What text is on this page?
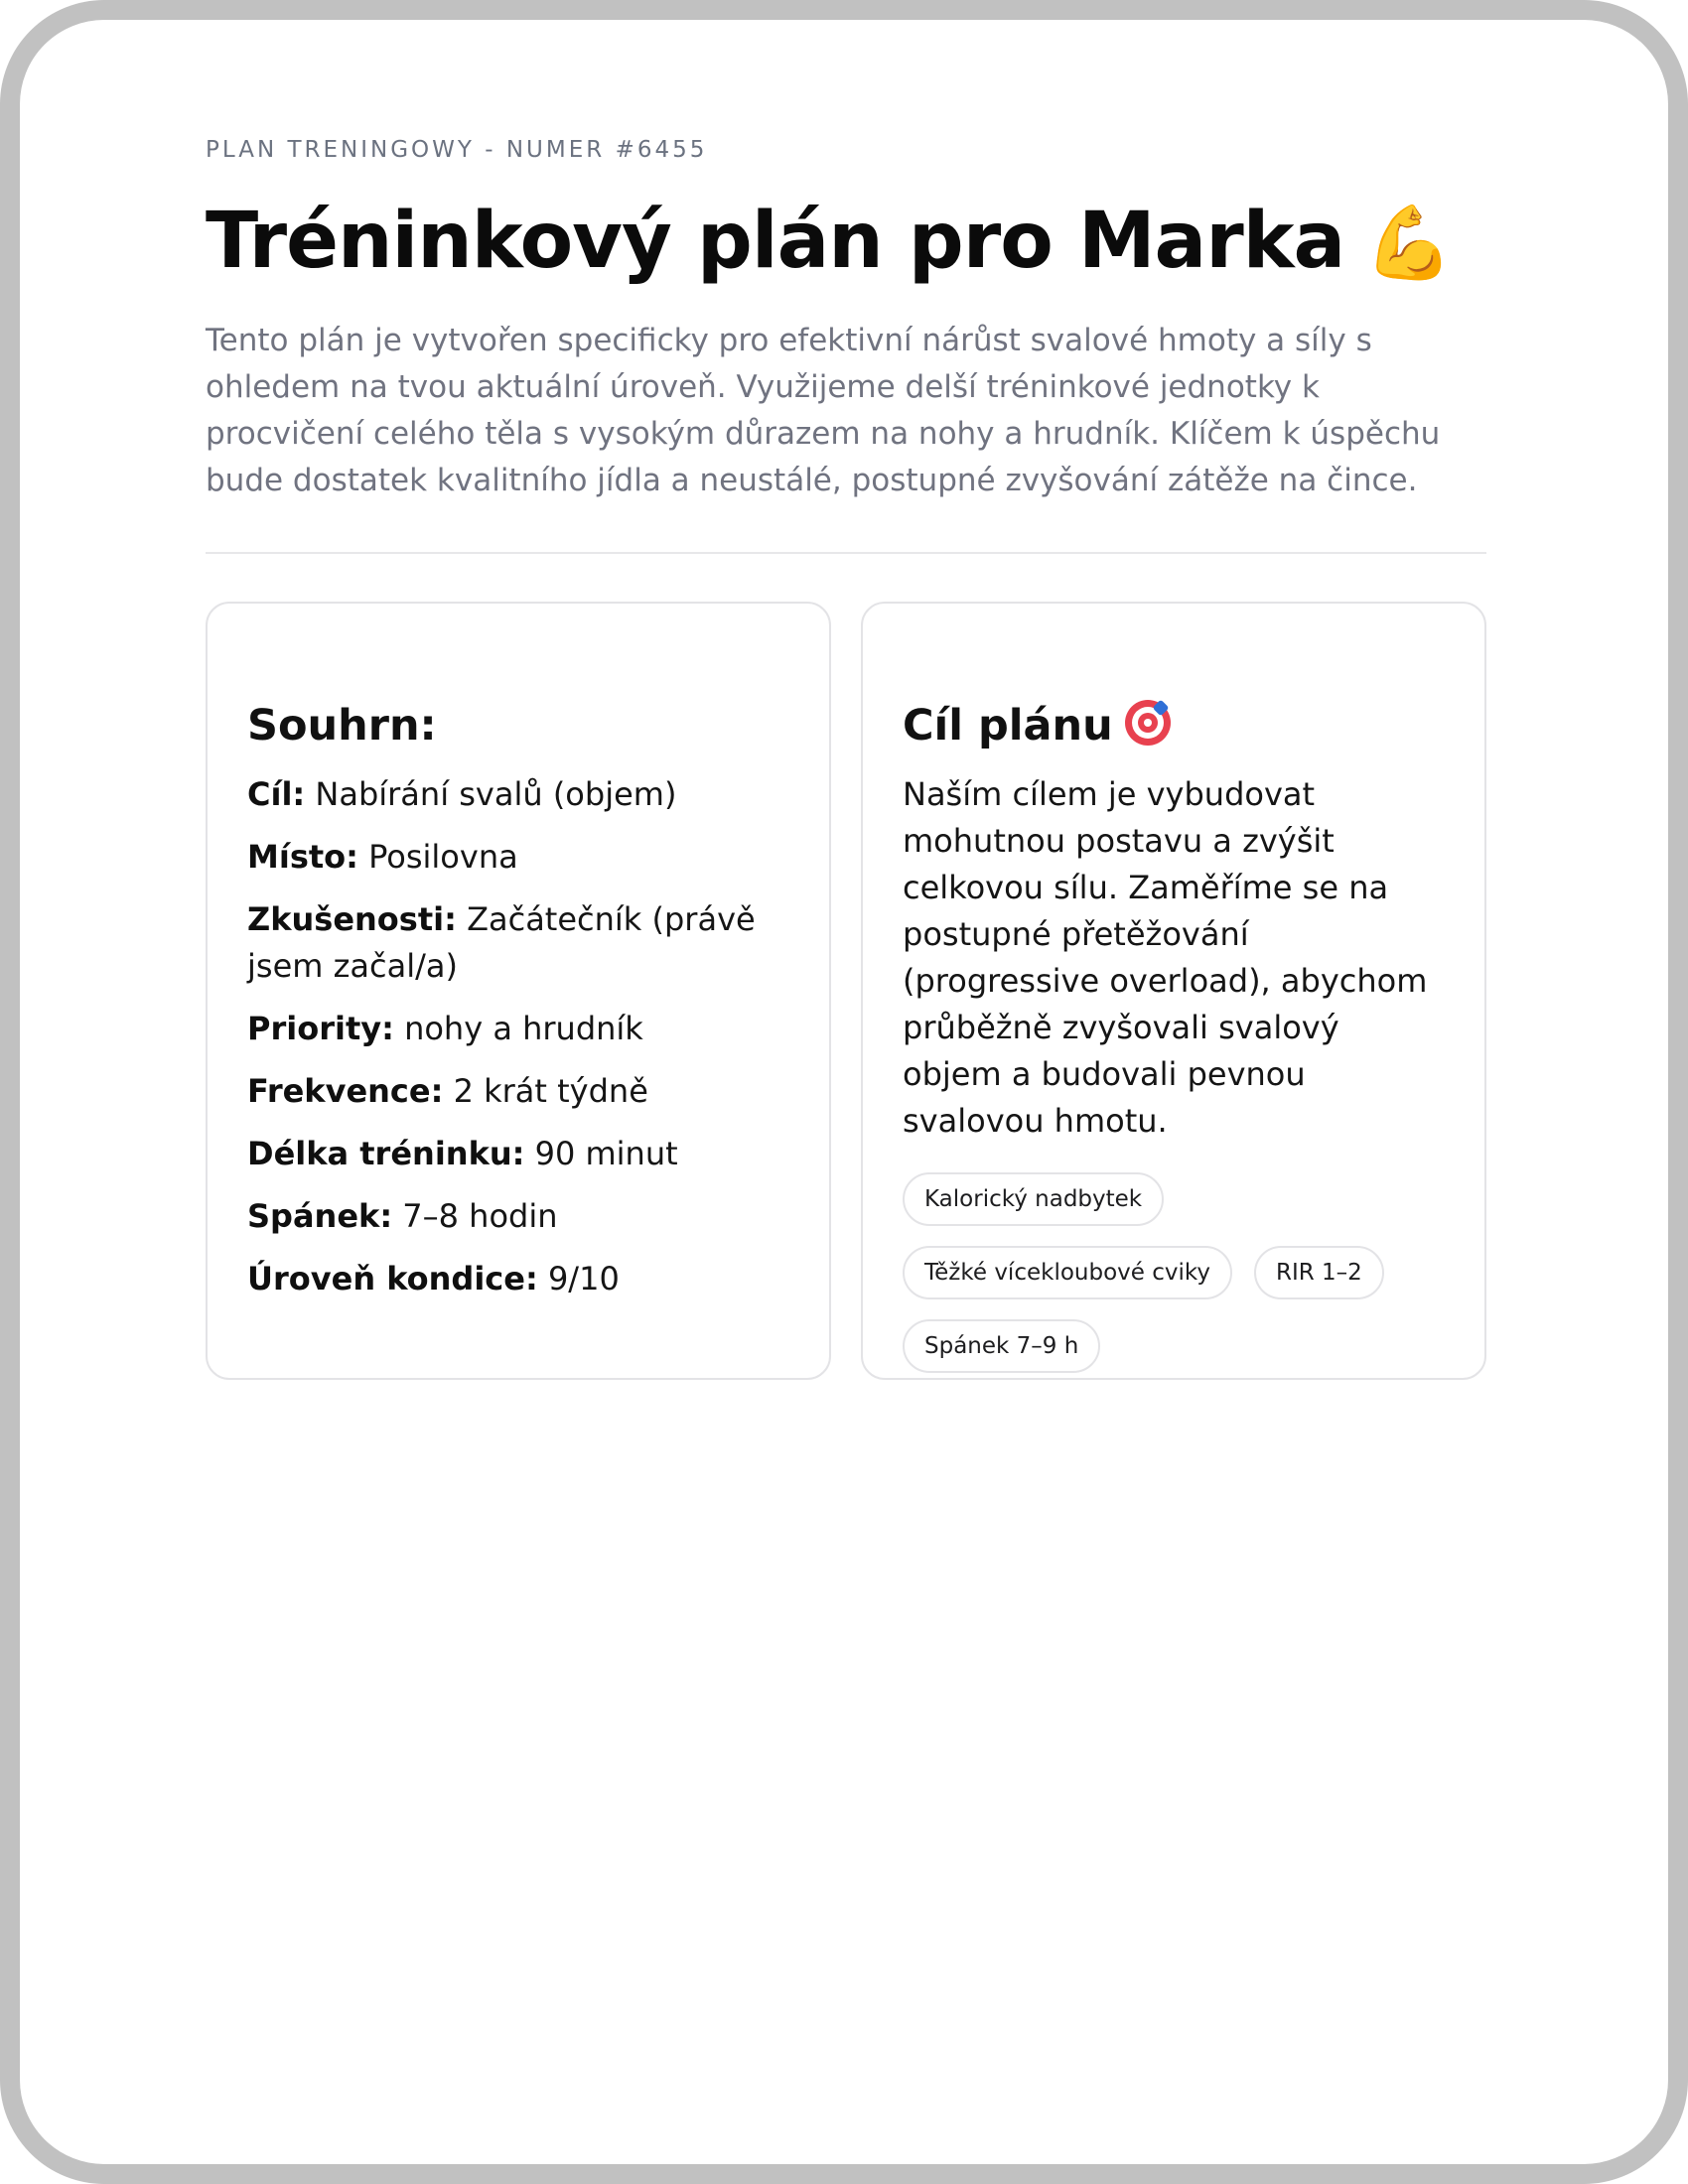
PLAN TRENINGOWY - NUMER #6455
Tréninkový plán pro Marka 💪

Tento plán je vytvořen specificky pro efektivní nárůst svalové hmoty a síly s ohledem na tvou aktuální úroveň. Využijeme delší tréninkové jednotky k procvičení celého těla s vysokým důrazem na nohy a hrudník. Klíčem k úspěchu bude dostatek kvalitního jídla a neustálé, postupné zvyšování zátěže na čince.

Souhrn:
Cíl: Nabírání svalů (objem)
Místo: Posilovna
Zkušenosti: Začátečník (právě jsem začal/a)
Priority: nohy a hrudník
Frekvence: 2 krát týdně
Délka tréninku: 90 minut
Spánek: 7–8 hodin
Úroveň kondice: 9/10
Cíl plánu

Naším cílem je vybudovat mohutnou postavu a zvýšit celkovou sílu. Zaměříme se na postupné přetěžování (progressive overload), abychom průběžně zvyšovali svalový objem a budovali pevnou svalovou hmotu.

Kalorický nadbytek
Těžké vícekloubové cviky	RIR 1–2
Spánek 7–9 h
